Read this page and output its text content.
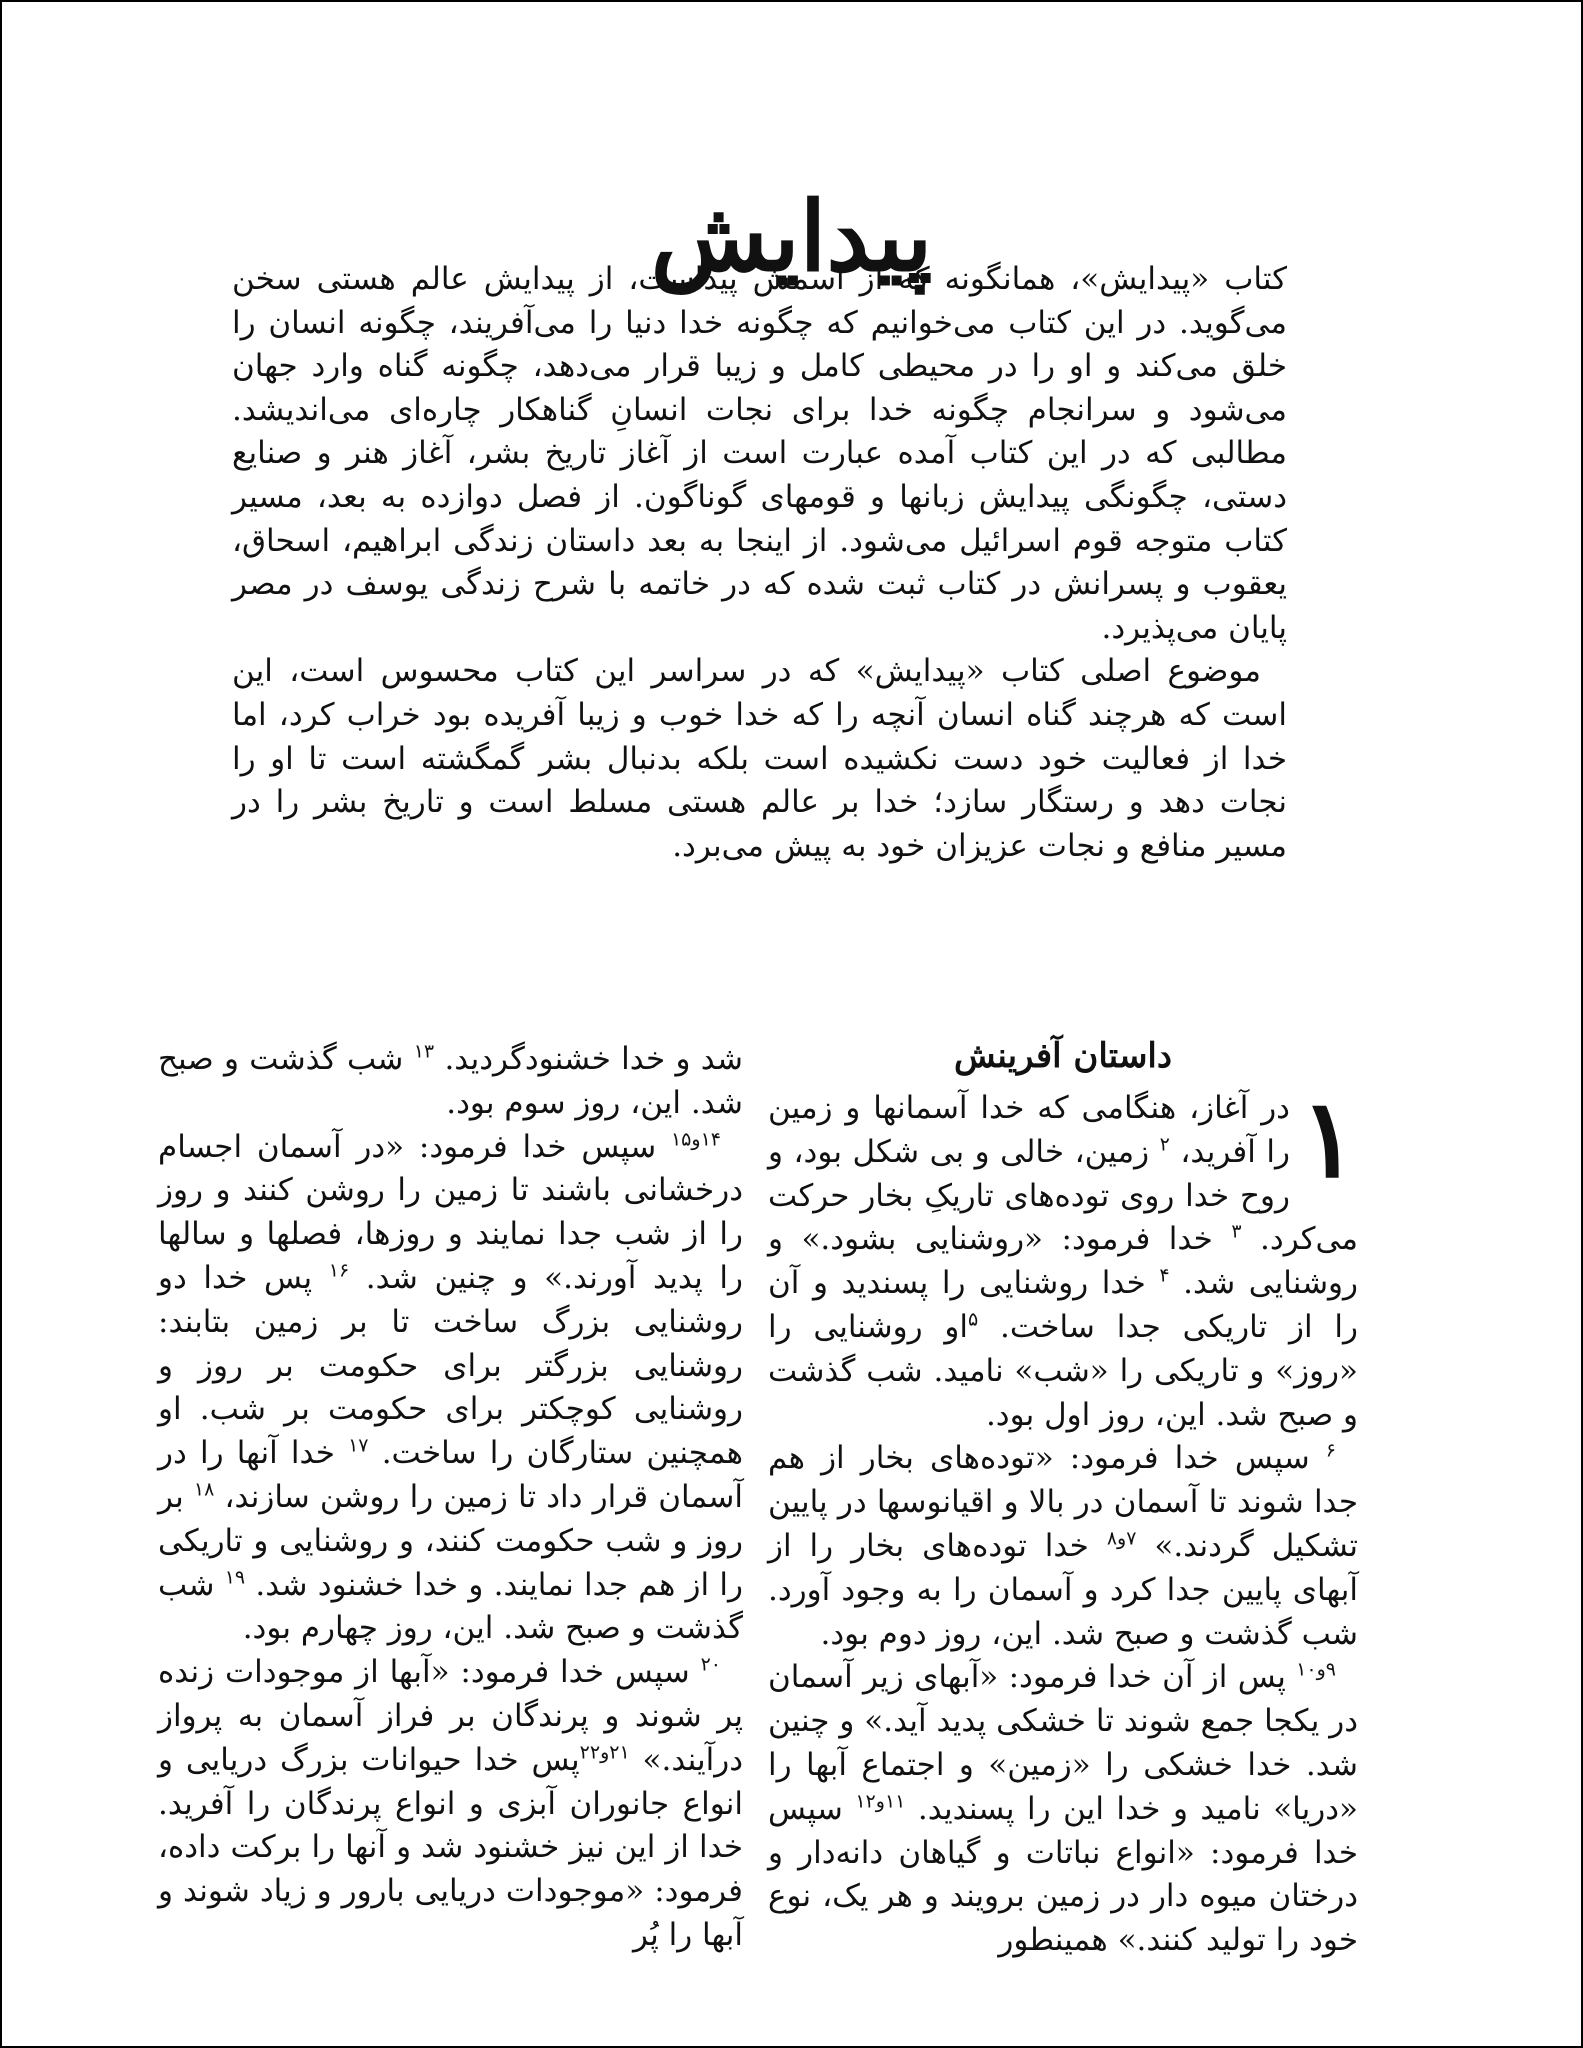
پیدایش

کتاب «پیدایش»، همانگونه که از اسمش پیداست، از پیدایش عالم هستی سخن می‌گوید. در این کتاب می‌خوانیم که چگونه خدا دنیا را می‌آفریند، چگونه انسان را خلق می‌کند و او را در محیطی کامل و زیبا قرار می‌دهد، چگونه گناه وارد جهان می‌شود و سرانجام چگونه خدا برای نجات انسانِ گناهکار چاره‌ای می‌اندیشد. مطالبی که در این کتاب آمده عبارت است از آغاز تاریخ بشر، آغاز هنر و صنایع دستی، چگونگی پیدایش زبانها و قومهای گوناگون. از فصل دوازده به بعد، مسیر کتاب متوجه قوم اسرائیل می‌شود. از اینجا به بعد داستان زندگی ابراهیم، اسحاق، یعقوب و پسرانش در کتاب ثبت شده که در خاتمه با شرح زندگی یوسف در مصر پایان می‌پذیرد.

موضوع اصلی کتاب «پیدایش» که در سراسر این کتاب محسوس است، این است که هرچند گناه انسان آنچه را که خدا خوب و زیبا آفریده بود خراب کرد، اما خدا از فعالیت خود دست نکشیده است بلکه بدنبال بشر گمگشته است تا او را نجات دهد و رستگار سازد؛ خدا بر عالم هستی مسلط است و تاریخ بشر را در مسیر منافع و نجات عزیزان خود به پیش می‌برد.

داستان آفرینش

۱
در آغاز، هنگامی که خدا آسمانها و زمین را آفرید، $^۲$ زمین، خالی و بی شکل بود، و روح خدا روی توده‌های تاریکِ بخار حرکت می‌کرد. $^۳$ خدا فرمود: «روشنایی بشود.» و روشنایی شد. $^۴$ خدا روشنایی را پسندید و آن را از تاریکی جدا ساخت. $^۵$او روشنایی را «روز» و تاریکی را «شب» نامید. شب گذشت و صبح شد. این، روز اول بود.

$^۶$ سپس خدا فرمود: «توده‌های بخار از هم جدا شوند تا آسمان در بالا و اقیانوسها در پایین تشکیل گردند.» $^{۷و۸}$ خدا توده‌های بخار را از آبهای پایین جدا کرد و آسمان را به وجود آورد. شب گذشت و صبح شد. این، روز دوم بود.

$^{۹و۱۰}$ پس از آن خدا فرمود: «آبهای زیر آسمان در یکجا جمع شوند تا خشکی پدید آید.» و چنین شد. خدا خشکی را «زمین» و اجتماع آبها را «دریا» نامید و خدا این را پسندید. $^{۱۱و۱۲}$ سپس خدا فرمود: «انواع نباتات و گیاهان دانه‌دار و درختان میوه دار در زمین برویند و هر یک، نوع خود را تولید کنند.» همینطور

شد و خدا خشنودگردید. $^{۱۳}$ شب گذشت و صبح شد. این، روز سوم بود.

$^{۱۴و۱۵}$ سپس خدا فرمود: «در آسمان اجسام درخشانی باشند تا زمین را روشن کنند و روز را از شب جدا نمایند و روزها، فصلها و سالها را پدید آورند.» و چنین شد. $^{۱۶}$ پس خدا دو روشنایی بزرگ ساخت تا بر زمین بتابند: روشنایی بزرگتر برای حکومت بر روز و روشنایی کوچکتر برای حکومت بر شب. او همچنین ستارگان را ساخت. $^{۱۷}$ خدا آنها را در آسمان قرار داد تا زمین را روشن سازند، $^{۱۸}$ بر روز و شب حکومت کنند، و روشنایی و تاریکی را از هم جدا نمایند. و خدا خشنود شد. $^{۱۹}$ شب گذشت و صبح شد. این، روز چهارم بود.

$^{۲۰}$ سپس خدا فرمود: «آبها از موجودات زنده پر شوند و پرندگان بر فراز آسمان به پرواز درآیند.» $^{۲۱و۲۲}$پس خدا حیوانات بزرگ دریایی و انواع جانوران آبزی و انواع پرندگان را آفرید. خدا از این نیز خشنود شد و آنها را برکت داده، فرمود: «موجودات دریایی بارور و زیاد شوند و آبها را پُر
